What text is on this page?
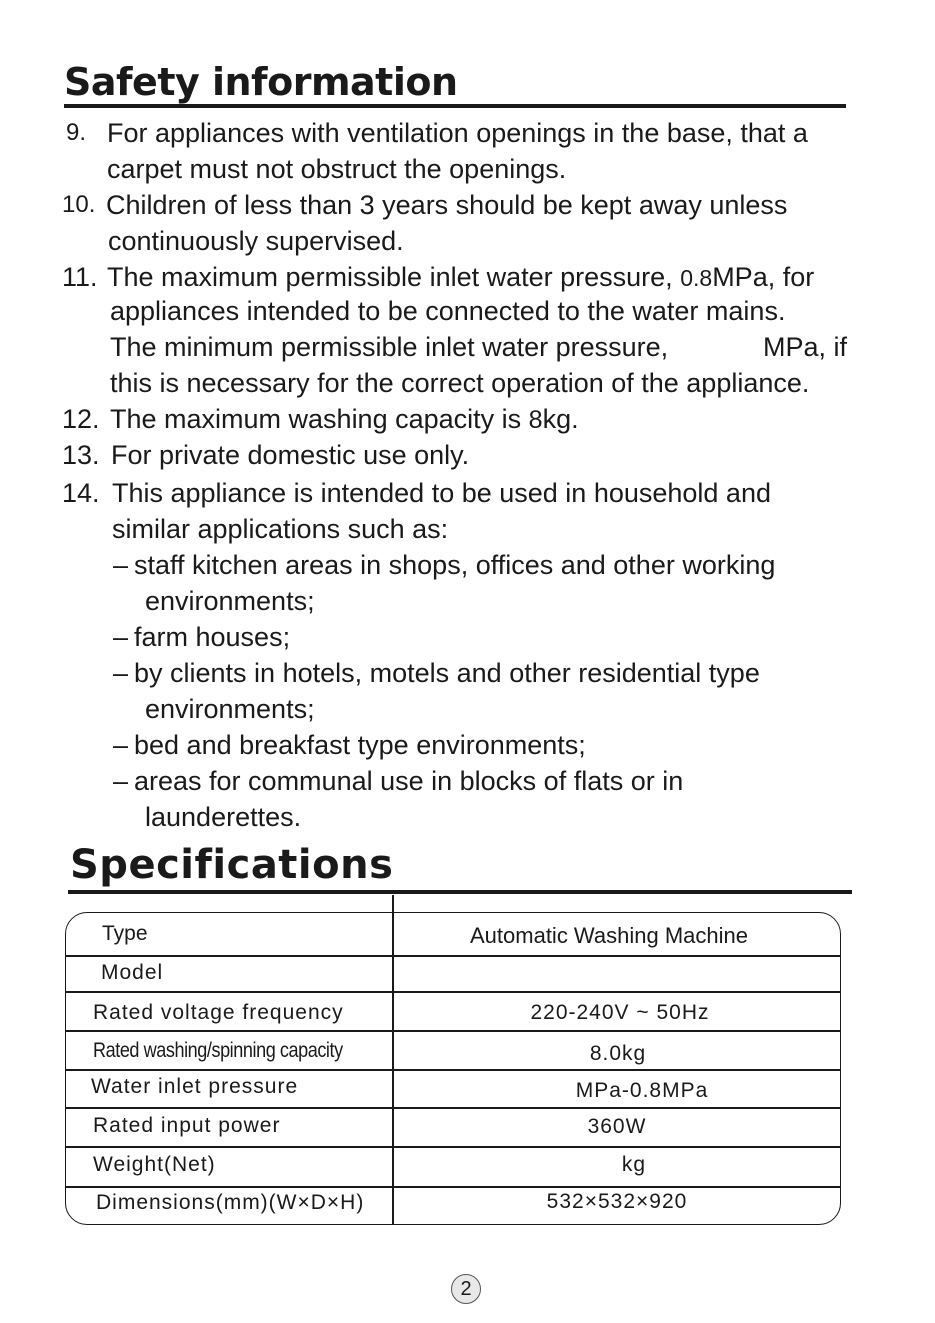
Safety information
9. For appliances with ventilation openings in the base, that a
carpet must not obstruct the openings.
10. Children of less than 3 years should be kept away unless
continuously supervised.
11. The maximum permissible inlet water pressure, 0.8MPa, for
appliances intended to be connected to the water mains.
The minimum permissible inlet water pressure,	MPa, if
this is necessary for the correct operation of the appliance.
12. The maximum washing capacity is 8kg.
13. For private domestic use only.
14. This appliance is intended to be used in household and
similar applications such as:
– staff kitchen areas in shops, offices and other working
environments;
– farm houses;
– by clients in hotels, motels and other residential type
environments;
– bed and breakfast type environments;
– areas for communal use in blocks of flats or in
launderettes.
Specifications
Type
Model
Rated voltage frequency
Rated washing/spinning capacity
Water inlet pressure
Rated input power
Weight(Net)
Dimensions(mm)(W×D×H)
Automatic Washing Machine
220-240V ~ 50Hz
8.0kg
MPa-0.8MPa
360W
kg
532×532×920
2
